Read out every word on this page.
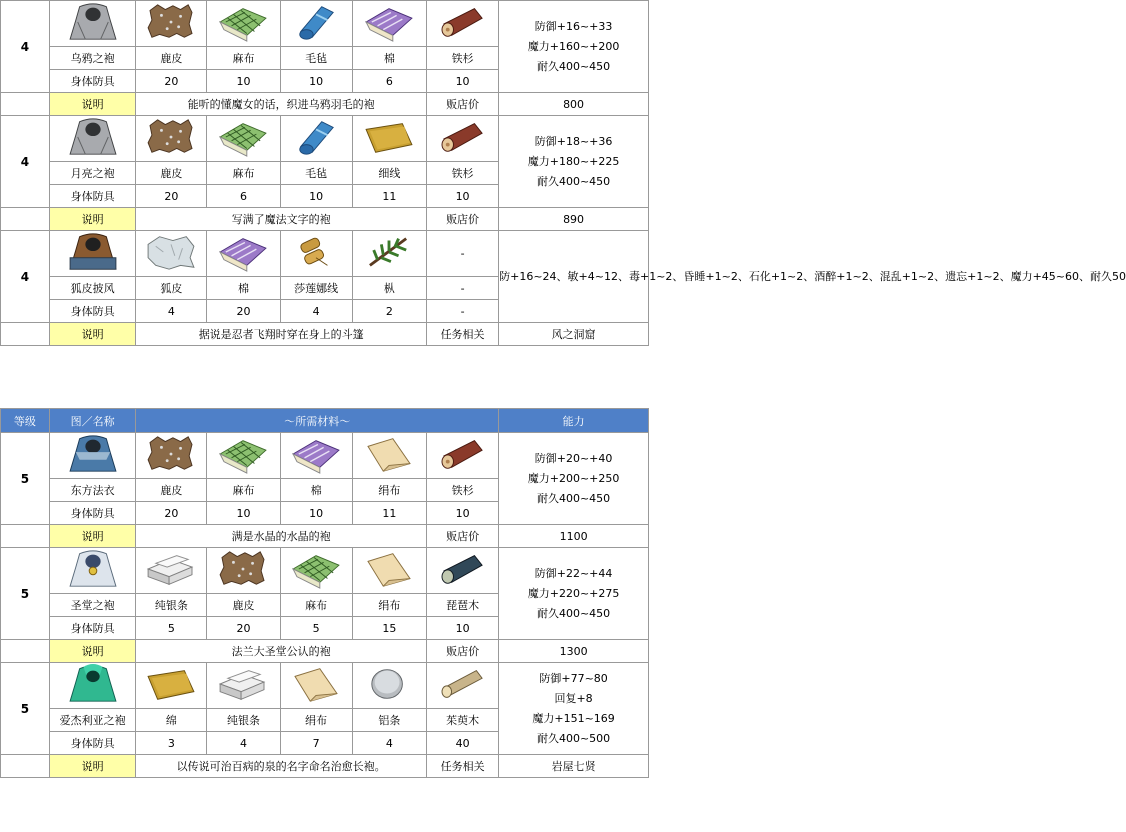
4							防御+16~+33
魔力+160~+200
耐久400~450

	乌鸦之袍	鹿皮	麻布	毛毡	棉	铁杉	
	身体防具	20	10	10	6	10	
	说明	能听的懂魔女的话，织进乌鸦羽毛的袍				贩店价	800
4							防御+18~+36
魔力+180~+225
耐久400~450

	月亮之袍	鹿皮	麻布	毛毡	细线	铁杉	
	身体防具	20	6	10	11	10	
	说明	写满了魔法文字的袍				贩店价	890
4						-	防+16~24、敏+4~12、毒+1~2、昏睡+1~2、石化+1~2、酒醉+1~2、混乱+1~2、遗忘+1~2、魔力+45~60、耐久50
	狐皮披风	狐皮	棉	莎莲娜线	枞	-	
	身体防具	4	20	4	2	-	
	说明	据说是忍者飞翔时穿在身上的斗篷				任务相关	风之洞窟
等级	图／名称	～所需材料～					能力
5							防御+20~+40
魔力+200~+250
耐久400~450

	东方法衣	鹿皮	麻布	棉	绢布	铁杉	
	身体防具	20	10	10	11	10	
	说明	满是水晶的水晶的袍				贩店价	1100
5							防御+22~+44
魔力+220~+275
耐久400~450

	圣堂之袍	纯银条	鹿皮	麻布	绢布	琵琶木	
	身体防具	5	20	5	15	10	
	说明	法兰大圣堂公认的袍				贩店价	1300
5							防御+77~80
回复+8
魔力+151~169
耐久400~500

	爱杰利亚之袍	绵	纯银条	绢布	铝条	茱萸木	
	身体防具	3	4	7	4	40	
	说明	以传说可治百病的泉的名字命名治愈长袍。				任务相关	岩屋七贤
